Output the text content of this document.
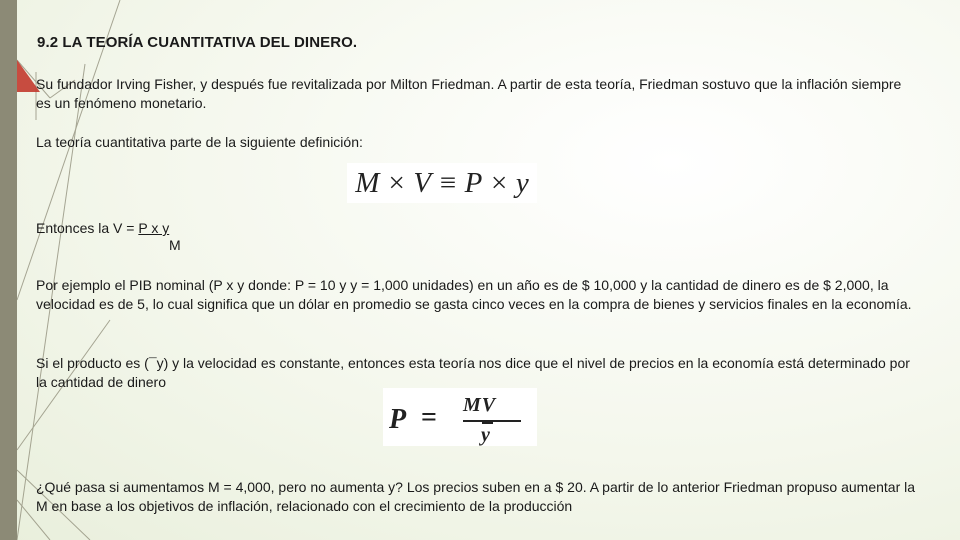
9.2 LA TEORÍA CUANTITATIVA DEL DINERO.
Su fundador Irving Fisher, y después fue revitalizada por Milton Friedman. A partir de esta teoría, Friedman sostuvo que la inflación siempre es un fenómeno monetario.
La teoría cuantitativa parte de la siguiente definición:
M × V ≡ P × y
Entonces la V = P x y
M
Por ejemplo el PIB nominal (P x y donde: P = 10 y y = 1,000 unidades) en un año es de $ 10,000 y la cantidad de dinero es de $ 2,000, la velocidad es de 5, lo cual significa que un dólar en promedio se gasta cinco veces en la compra de bienes y servicios finales en la economía.
Si el producto es (¯y) y la velocidad es constante, entonces esta teoría nos dice que el nivel de precios en la economía está determinado por la cantidad de dinero
P = MV
y
¿Qué pasa si aumentamos M = 4,000, pero no aumenta y? Los precios suben en a $ 20. A partir de lo anterior Friedman propuso aumentar la M en base a los objetivos de inflación, relacionado con el crecimiento de la producción
